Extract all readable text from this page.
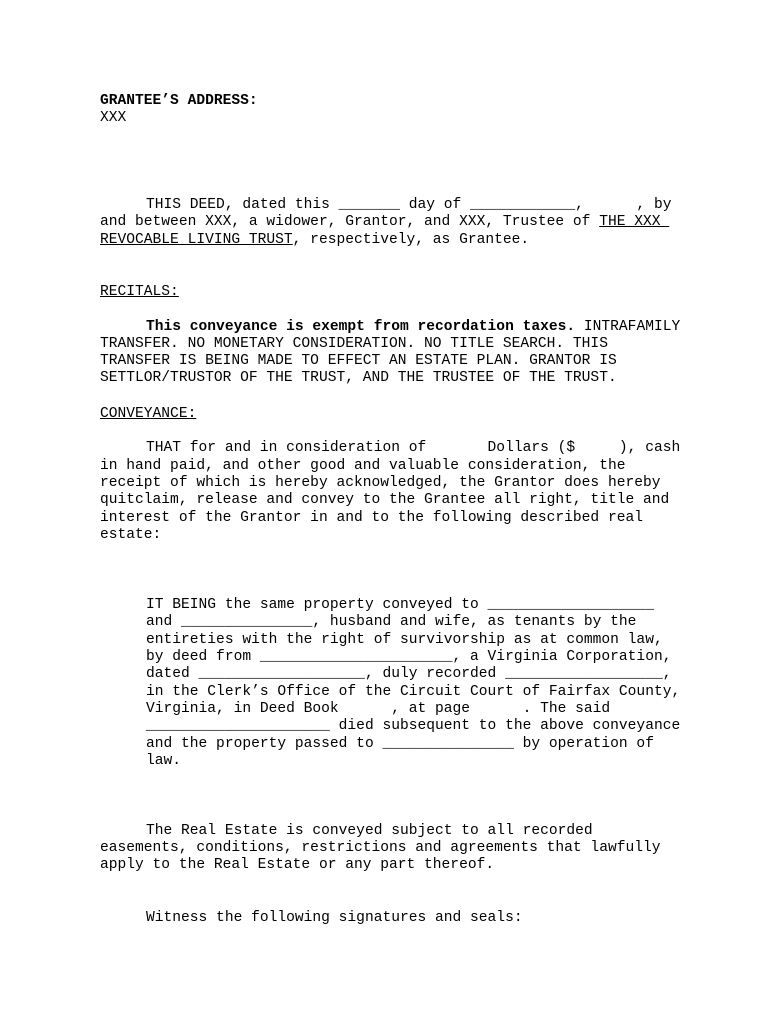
GRANTEE’S ADDRESS:
XXX
THIS DEED, dated this _______ day of ____________,      , by
and between XXX, a widower, Grantor, and XXX, Trustee of THE XXX
REVOCABLE LIVING TRUST, respectively, as Grantee.
RECITALS:
This conveyance is exempt from recordation taxes. INTRAFAMILY
TRANSFER. NO MONETARY CONSIDERATION. NO TITLE SEARCH. THIS
TRANSFER IS BEING MADE TO EFFECT AN ESTATE PLAN. GRANTOR IS
SETTLOR/TRUSTOR OF THE TRUST, AND THE TRUSTEE OF THE TRUST.
CONVEYANCE:
THAT for and in consideration of       Dollars ($     ), cash
in hand paid, and other good and valuable consideration, the
receipt of which is hereby acknowledged, the Grantor does hereby
quitclaim, release and convey to the Grantee all right, title and
interest of the Grantor in and to the following described real
estate:
IT BEING the same property conveyed to ___________________
and _______________, husband and wife, as tenants by the
entireties with the right of survivorship as at common law,
by deed from ______________________, a Virginia Corporation,
dated ___________________, duly recorded __________________,
in the Clerk’s Office of the Circuit Court of Fairfax County,
Virginia, in Deed Book      , at page      . The said
_____________________ died subsequent to the above conveyance
and the property passed to _______________ by operation of
law.
The Real Estate is conveyed subject to all recorded
easements, conditions, restrictions and agreements that lawfully
apply to the Real Estate or any part thereof.
Witness the following signatures and seals:
